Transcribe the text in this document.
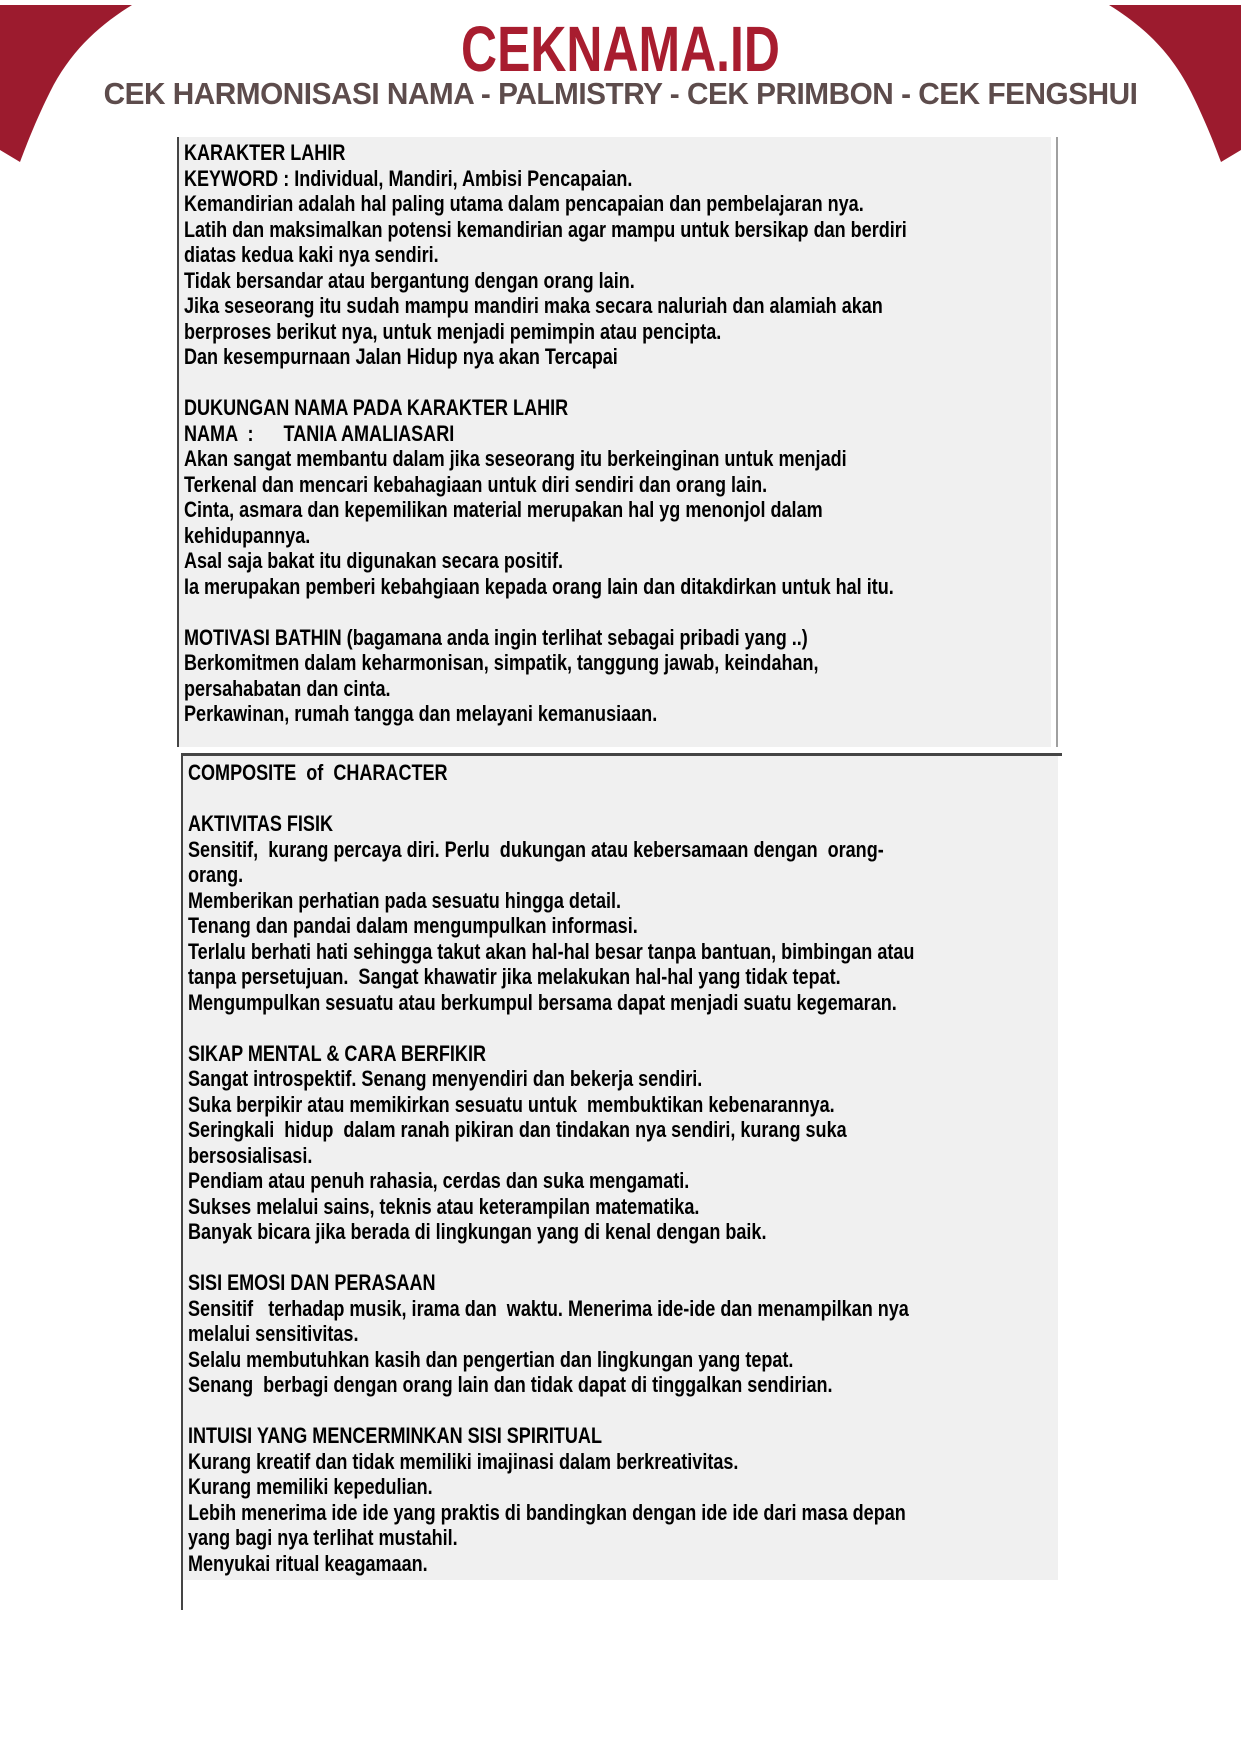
CEKNAMA.ID
CEK HARMONISASI NAMA - PALMISTRY - CEK PRIMBON - CEK FENGSHUI
KARAKTER LAHIR
KEYWORD : Individual, Mandiri, Ambisi Pencapaian.
Kemandirian adalah hal paling utama dalam pencapaian dan pembelajaran nya.
Latih dan maksimalkan potensi kemandirian agar mampu untuk bersikap dan berdiri
diatas kedua kaki nya sendiri.
Tidak bersandar atau bergantung dengan orang lain.
Jika seseorang itu sudah mampu mandiri maka secara naluriah dan alamiah akan
berproses berikut nya, untuk menjadi pemimpin atau pencipta.
Dan kesempurnaan Jalan Hidup nya akan Tercapai

DUKUNGAN NAMA PADA KARAKTER LAHIR
NAMA  :      TANIA AMALIASARI
Akan sangat membantu dalam jika seseorang itu berkeinginan untuk menjadi
Terkenal dan mencari kebahagiaan untuk diri sendiri dan orang lain.
Cinta, asmara dan kepemilikan material merupakan hal yg menonjol dalam
kehidupannya.
Asal saja bakat itu digunakan secara positif.
Ia merupakan pemberi kebahgiaan kepada orang lain dan ditakdirkan untuk hal itu.

MOTIVASI BATHIN (bagamana anda ingin terlihat sebagai pribadi yang ..)
Berkomitmen dalam keharmonisan, simpatik, tanggung jawab, keindahan,
persahabatan dan cinta.
Perkawinan, rumah tangga dan melayani kemanusiaan.
COMPOSITE  of  CHARACTER

AKTIVITAS FISIK
Sensitif,  kurang percaya diri. Perlu  dukungan atau kebersamaan dengan  orang-
orang.
Memberikan perhatian pada sesuatu hingga detail.
Tenang dan pandai dalam mengumpulkan informasi.
Terlalu berhati hati sehingga takut akan hal-hal besar tanpa bantuan, bimbingan atau
tanpa persetujuan.  Sangat khawatir jika melakukan hal-hal yang tidak tepat.
Mengumpulkan sesuatu atau berkumpul bersama dapat menjadi suatu kegemaran.

SIKAP MENTAL & CARA BERFIKIR
Sangat introspektif. Senang menyendiri dan bekerja sendiri.
Suka berpikir atau memikirkan sesuatu untuk  membuktikan kebenarannya.
Seringkali  hidup  dalam ranah pikiran dan tindakan nya sendiri, kurang suka
bersosialisasi.
Pendiam atau penuh rahasia, cerdas dan suka mengamati.
Sukses melalui sains, teknis atau keterampilan matematika.
Banyak bicara jika berada di lingkungan yang di kenal dengan baik.

SISI EMOSI DAN PERASAAN
Sensitif   terhadap musik, irama dan  waktu. Menerima ide-ide dan menampilkan nya
melalui sensitivitas.
Selalu membutuhkan kasih dan pengertian dan lingkungan yang tepat.
Senang  berbagi dengan orang lain dan tidak dapat di tinggalkan sendirian.

INTUISI YANG MENCERMINKAN SISI SPIRITUAL
Kurang kreatif dan tidak memiliki imajinasi dalam berkreativitas.
Kurang memiliki kepedulian.
Lebih menerima ide ide yang praktis di bandingkan dengan ide ide dari masa depan
yang bagi nya terlihat mustahil.
Menyukai ritual keagamaan.
